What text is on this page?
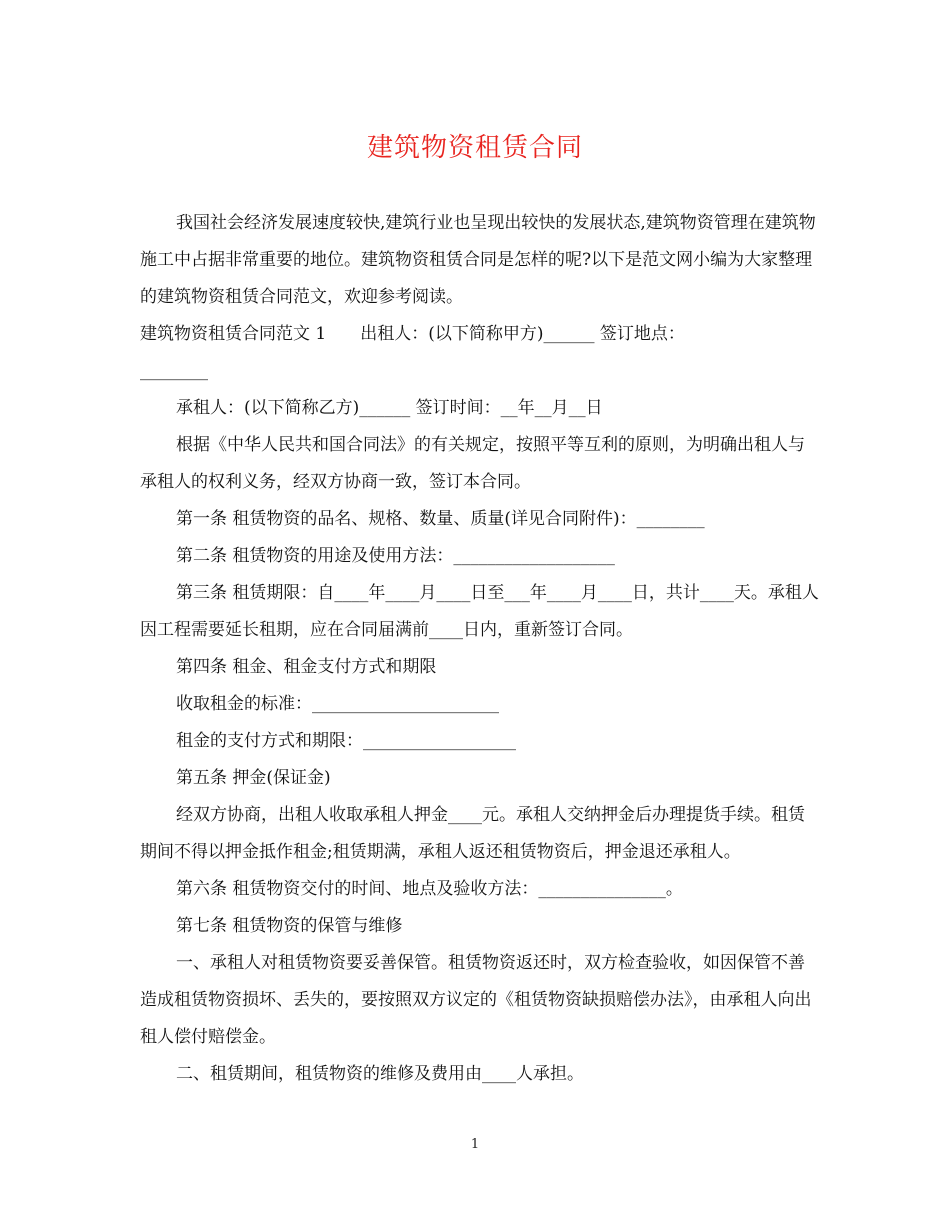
建筑物资租赁合同

我国社会经济发展速度较快,建筑行业也呈现出较快的发展状态,建筑物资管理在建筑物施工中占据非常重要的地位。建筑物资租赁合同是怎样的呢?以下是范文网小编为大家整理的建筑物资租赁合同范文，欢迎参考阅读。

建筑物资租赁合同范文 1　　出租人：(以下简称甲方)______ 签订地点：
________

承租人：(以下简称乙方)______ 签订时间：__年__月__日

根据《中华人民共和国合同法》的有关规定，按照平等互利的原则，为明确出租人与承租人的权利义务，经双方协商一致，签订本合同。

第一条 租赁物资的品名、规格、数量、质量(详见合同附件)：________

第二条 租赁物资的用途及使用方法：___________________

第三条 租赁期限：自____年____月____日至___年____月____日，共计____天。承租人因工程需要延长租期，应在合同届满前____日内，重新签订合同。

第四条 租金、租金支付方式和期限

收取租金的标准：______________________

租金的支付方式和期限：__________________

第五条 押金(保证金)

经双方协商，出租人收取承租人押金____元。承租人交纳押金后办理提货手续。租赁期间不得以押金抵作租金;租赁期满，承租人返还租赁物资后，押金退还承租人。

第六条 租赁物资交付的时间、地点及验收方法：_______________。

第七条 租赁物资的保管与维修

一、承租人对租赁物资要妥善保管。租赁物资返还时，双方检查验收，如因保管不善造成租赁物资损坏、丢失的，要按照双方议定的《租赁物资缺损赔偿办法》，由承租人向出租人偿付赔偿金。

二、租赁期间，租赁物资的维修及费用由____人承担。

1
